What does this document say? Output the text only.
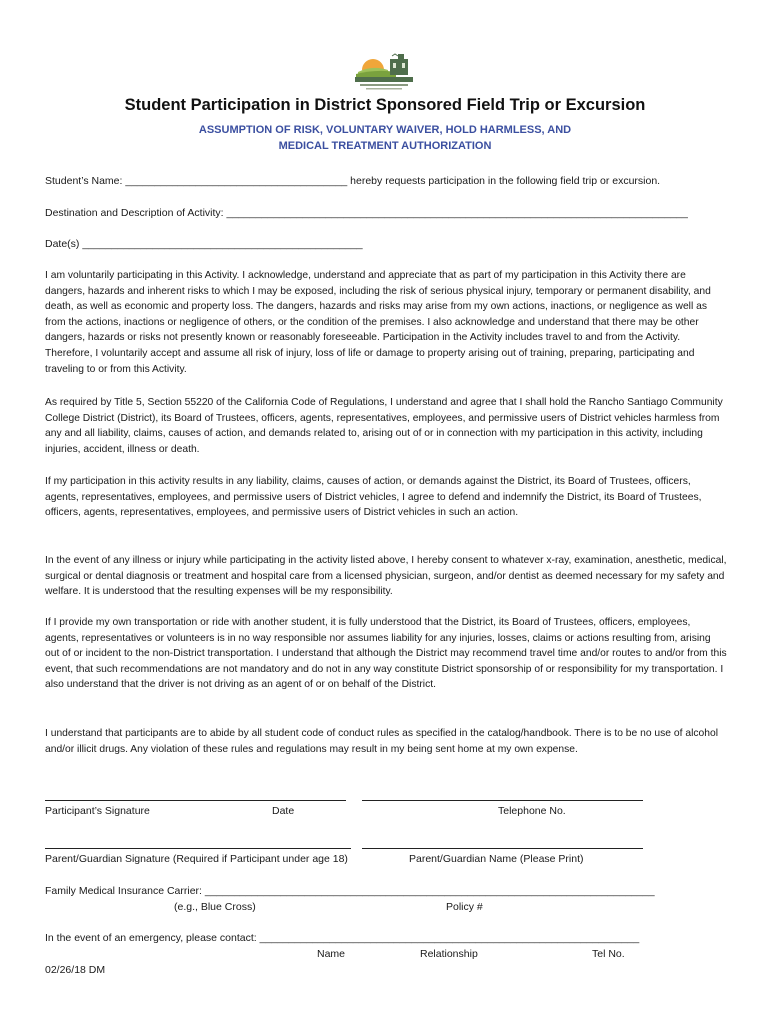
Student Participation in District Sponsored Field Trip or Excursion
ASSUMPTION OF RISK, VOLUNTARY WAIVER, HOLD HARMLESS, AND
MEDICAL TREATMENT AUTHORIZATION
Student’s Name: ______________________________________ hereby requests participation in the following field trip or excursion.
Destination and Description of Activity: _______________________________________________________________________________
Date(s) ________________________________________________

I am voluntarily participating in this Activity. I acknowledge, understand and appreciate that as part of my participation in this Activity there are dangers, hazards and inherent risks to which I may be exposed, including the risk of serious physical injury, temporary or permanent disability, and death, as well as economic and property loss. The dangers, hazards and risks may arise from my own actions, inactions, or negligence as well as from the actions, inactions or negligence of others, or the condition of the premises. I also acknowledge and understand that there may be other dangers, hazards or risks not presently known or reasonably foreseeable. Participation in the Activity includes travel to and from the Activity. Therefore, I voluntarily accept and assume all risk of injury, loss of life or damage to property arising out of training, preparing, participating and traveling to or from this Activity.

As required by Title 5, Section 55220 of the California Code of Regulations, I understand and agree that I shall hold the Rancho Santiago Community College District (District), its Board of Trustees, officers, agents, representatives, employees, and permissive users of District vehicles harmless from any and all liability, claims, causes of action, and demands related to, arising out of or in connection with my participation in this activity, including injuries, accident, illness or death.

If my participation in this activity results in any liability, claims, causes of action, or demands against the District, its Board of Trustees, officers, agents, representatives, employees, and permissive users of District vehicles, I agree to defend and indemnify the District, its Board of Trustees, officers, agents, representatives, employees, and permissive users of District vehicles in such an action.

In the event of any illness or injury while participating in the activity listed above, I hereby consent to whatever x-ray, examination, anesthetic, medical, surgical or dental diagnosis or treatment and hospital care from a licensed physician, surgeon, and/or dentist as deemed necessary for my safety and welfare. It is understood that the resulting expenses will be my responsibility.

If I provide my own transportation or ride with another student, it is fully understood that the District, its Board of Trustees, officers, employees, agents, representatives or volunteers is in no way responsible nor assumes liability for any injuries, losses, claims or actions resulting from, arising out of or incident to the non-District transportation. I understand that although the District may recommend travel time and/or routes to and/or from this event, that such recommendations are not mandatory and do not in any way constitute District sponsorship of or responsibility for my transportation. I also understand that the driver is not driving as an agent of or on behalf of the District.

I understand that participants are to abide by all student code of conduct rules as specified in the catalog/handbook. There is to be no use of alcohol and/or illicit drugs. Any violation of these rules and regulations may result in my being sent home at my own expense.

Participant’s Signature	Date	Telephone No.
Parent/Guardian Signature (Required if Participant under age 18)	Parent/Guardian Name (Please Print)
Family Medical Insurance Carrier: _____________________________________________________________________________
(e.g., Blue Cross)	Policy #
In the event of an emergency, please contact: _________________________________________________________________
Name	Relationship	Tel No.
02/26/18 DM
